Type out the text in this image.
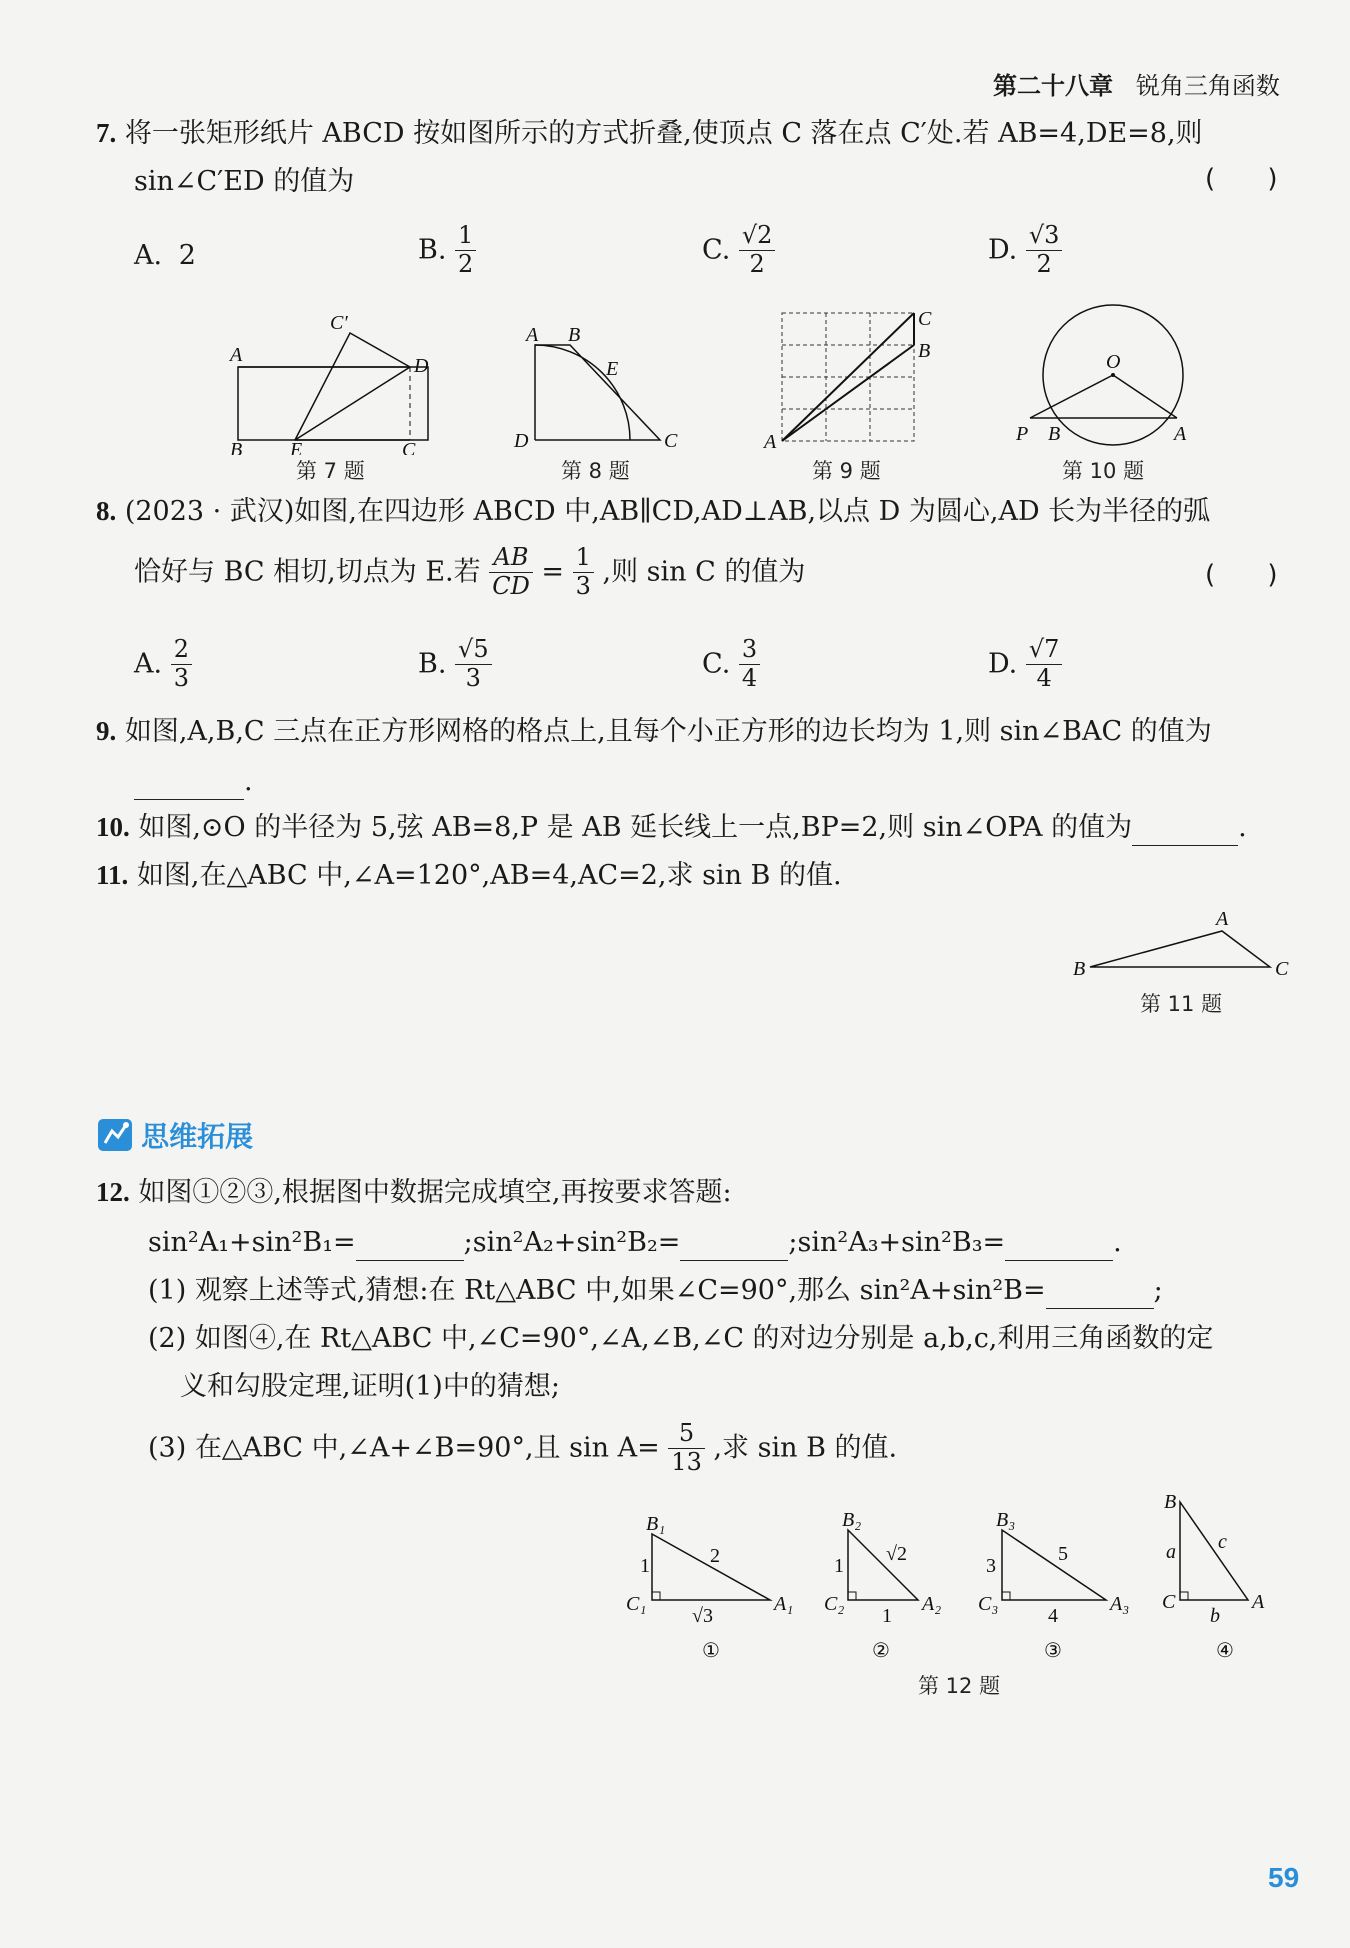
第二十八章 锐角三角函数
7. 将一张矩形纸片 ABCD 按如图所示的方式折叠,使顶点 C 落在点 C′处.若 AB=4,DE=8,则
sin∠C′ED 的值为	( )
A. 2	B. $\frac{1}{2}$	C. $\frac{√2}{2}$	D. $\frac{√3}{2}$
A
B E	C
D
C′
第 7 题
A B
E
D	C
第 8 题
C
B
A
第 9 题
O
P B	A
第 10 题
8. (2023 · 武汉)如图,在四边形 ABCD 中,AB∥CD,AD⊥AB,以点 D 为圆心,AD 长为半径的弧
恰好与 BC 相切,切点为 E.若 $\frac{AB}{CD} = \frac{1}{3}$ ,则 sin C 的值为	( )
A. $\frac{2}{3}$	B. $\frac{√5}{3}$	C. $\frac{3}{4}$	D. $\frac{√7}{4}$
9. 如图,A,B,C 三点在正方形网格的格点上,且每个小正方形的边长均为 1,则 sin∠BAC 的值为
.
10. 如图,⊙O 的半径为 5,弦 AB=8,P 是 AB 延长线上一点,BP=2,则 sin∠OPA 的值为	.
11. 如图,在△ABC 中,∠A=120°,AB=4,AC=2,求 sin B 的值.
A
B	C
第 11 题
思维拓展
12. 如图①②③,根据图中数据完成填空,再按要求答题:
sin²A₁+sin²B₁=	;sin²A₂+sin²B₂=	;sin²A₃+sin²B₃=	.
(1) 观察上述等式,猜想:在 Rt△ABC 中,如果∠C=90°,那么 sin²A+sin²B=	;
(2) 如图④,在 Rt△ABC 中,∠C=90°,∠A,∠B,∠C 的对边分别是 a,b,c,利用三角函数的定
义和勾股定理,证明(1)中的猜想;
(3) 在△ABC 中,∠A+∠B=90°,且 $\sin A= \frac{5}{13}$ ,求 sin B 的值.
B₁
C₁	A₁
1	2
√3
①
B₂
C₂	A₂
1
√2
1
②
B₃
C₃	A₃
3
5
4
③
B
C	A
a c
b
④
第 12 题
59
